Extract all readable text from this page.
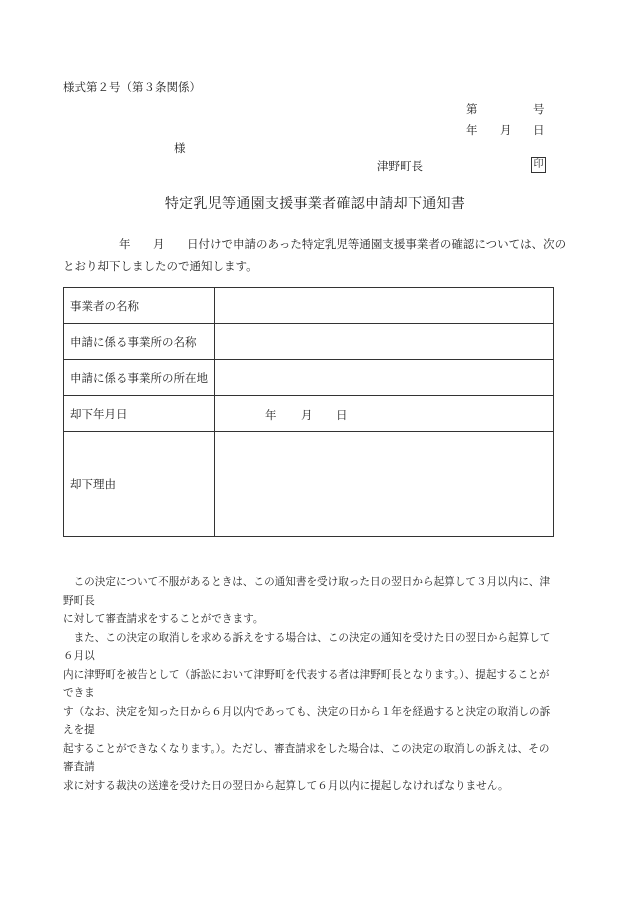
様式第２号（第３条関係）
第	号
年 月 日
様
津野町長	印
特定乳児等通園支援事業者確認申請却下通知書
年 月 日付けで申請のあった特定乳児等通園支援事業者の確認については、次の
とおり却下しましたので通知します。
事業者の名称	
申請に係る事業所の名称	
申請に係る事業所の所在地	
却下年月日	年 月 日

却下理由	

　この決定について不服があるときは、この通知書を受け取った日の翌日から起算して３月以内に、津野町長

に対して審査請求をすることができます。

　また、この決定の取消しを求める訴えをする場合は、この決定の通知を受けた日の翌日から起算して６月以

内に津野町を被告として（訴訟において津野町を代表する者は津野町長となります。）、提起することができま

す（なお、決定を知った日から６月以内であっても、決定の日から１年を経過すると決定の取消しの訴えを提

起することができなくなります。）。ただし、審査請求をした場合は、この決定の取消しの訴えは、その審査請

求に対する裁決の送達を受けた日の翌日から起算して６月以内に提起しなければなりません。
